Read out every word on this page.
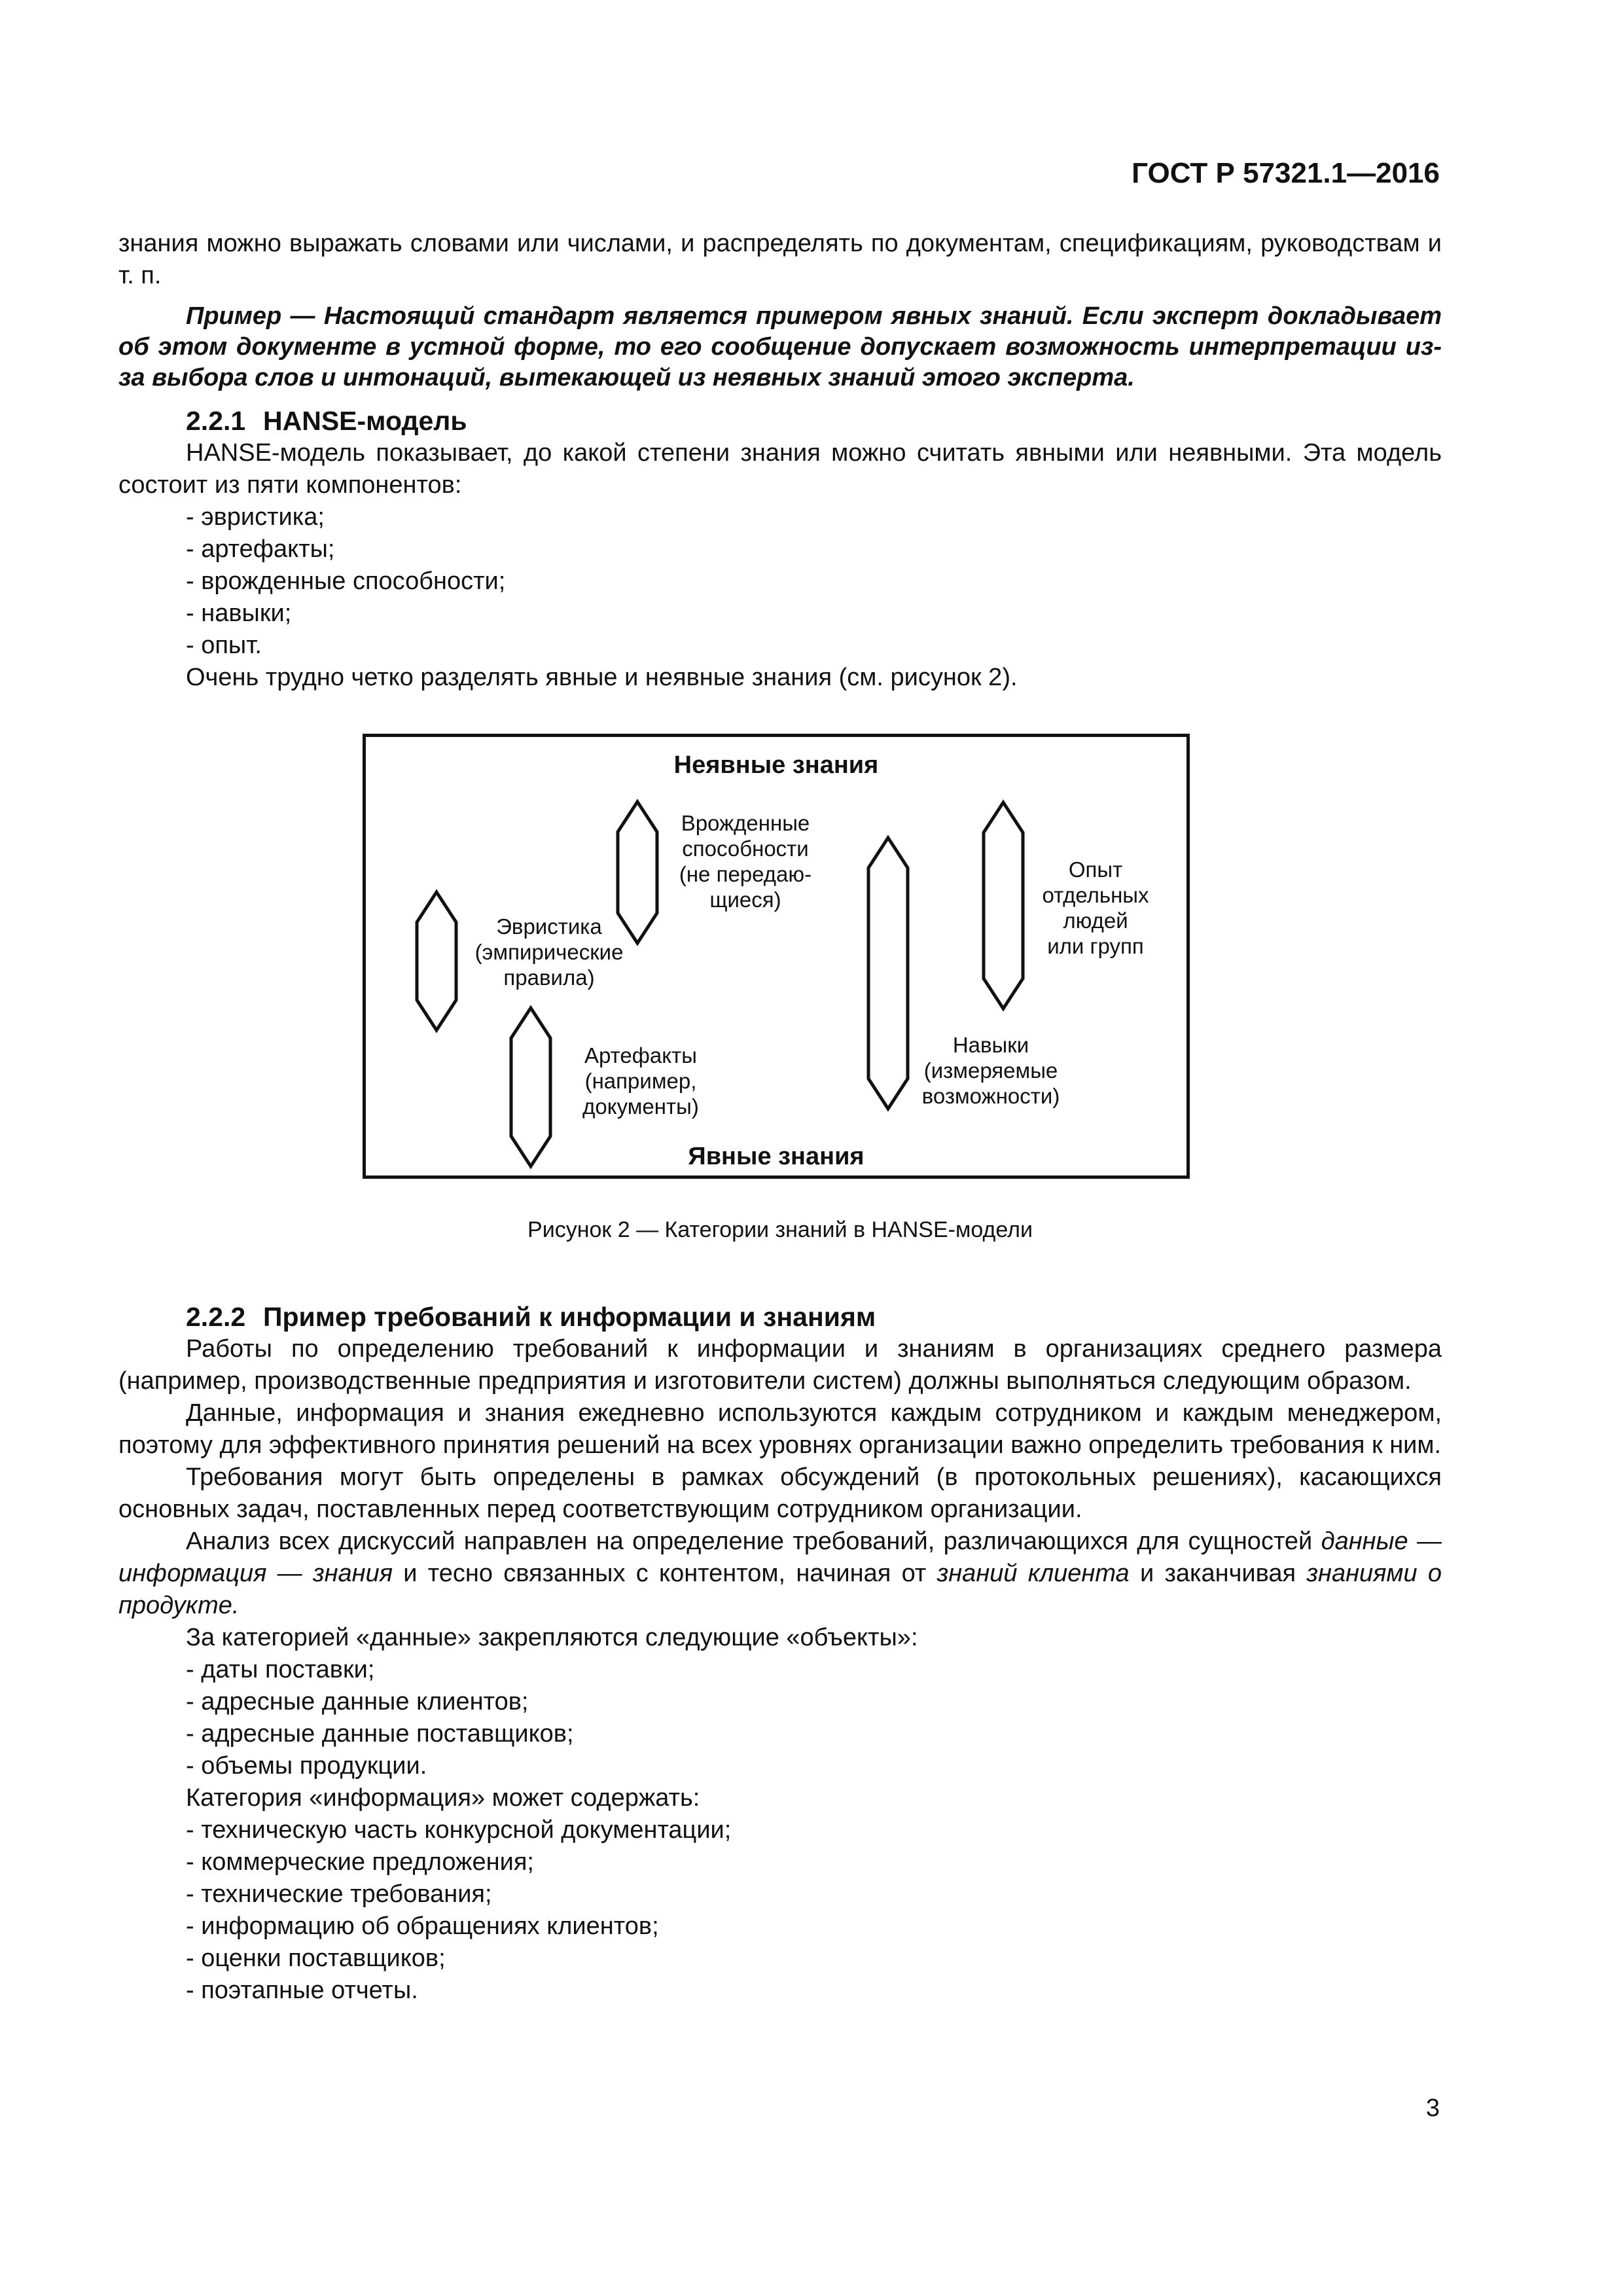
ГОСТ Р 57321.1—2016

знания можно выражать словами или числами, и распределять по документам, спецификациям, руководствам и т. п.

Пример — Настоящий стандарт является примером явных знаний. Если эксперт докладывает об этом документе в устной форме, то его сообщение допускает возможность интерпретации из-за выбора слов и интонаций, вытекающей из неявных знаний этого эксперта.

2.2.1 HANSE-модель

HANSE-модель показывает, до какой степени знания можно считать явными или неявными. Эта модель состоит из пяти компонентов:

- эвристика;
- артефакты;
- врожденные способности;
- навыки;
- опыт.

Очень трудно четко разделять явные и неявные знания (см. рисунок 2).

Неявные знания
Явные знания
Врожденные
способности
(не передаю-
щиеся)
Эвристика
(эмпирические
правила)
Артефакты
(например,
документы)
Навыки
(измеряемые
возможности)
Опыт
отдельных
людей
или групп
Рисунок 2 — Категории знаний в HANSE-модели

2.2.2 Пример требований к информации и знаниям

Работы по определению требований к информации и знаниям в организациях среднего размера (например, производственные предприятия и изготовители систем) должны выполняться следующим образом.

Данные, информация и знания ежедневно используются каждым сотрудником и каждым менеджером, поэтому для эффективного принятия решений на всех уровнях организации важно определить требования к ним.

Требования могут быть определены в рамках обсуждений (в протокольных решениях), касающихся основных задач, поставленных перед соответствующим сотрудником организации.

Анализ всех дискуссий направлен на определение требований, различающихся для сущностей данные — информация — знания и тесно связанных с контентом, начиная от знаний клиента и заканчивая знаниями о продукте.

За категорией «данные» закрепляются следующие «объекты»:

- даты поставки;
- адресные данные клиентов;
- адресные данные поставщиков;
- объемы продукции.

Категория «информация» может содержать:

- техническую часть конкурсной документации;
- коммерческие предложения;
- технические требования;
- информацию об обращениях клиентов;
- оценки поставщиков;
- поэтапные отчеты.
3
